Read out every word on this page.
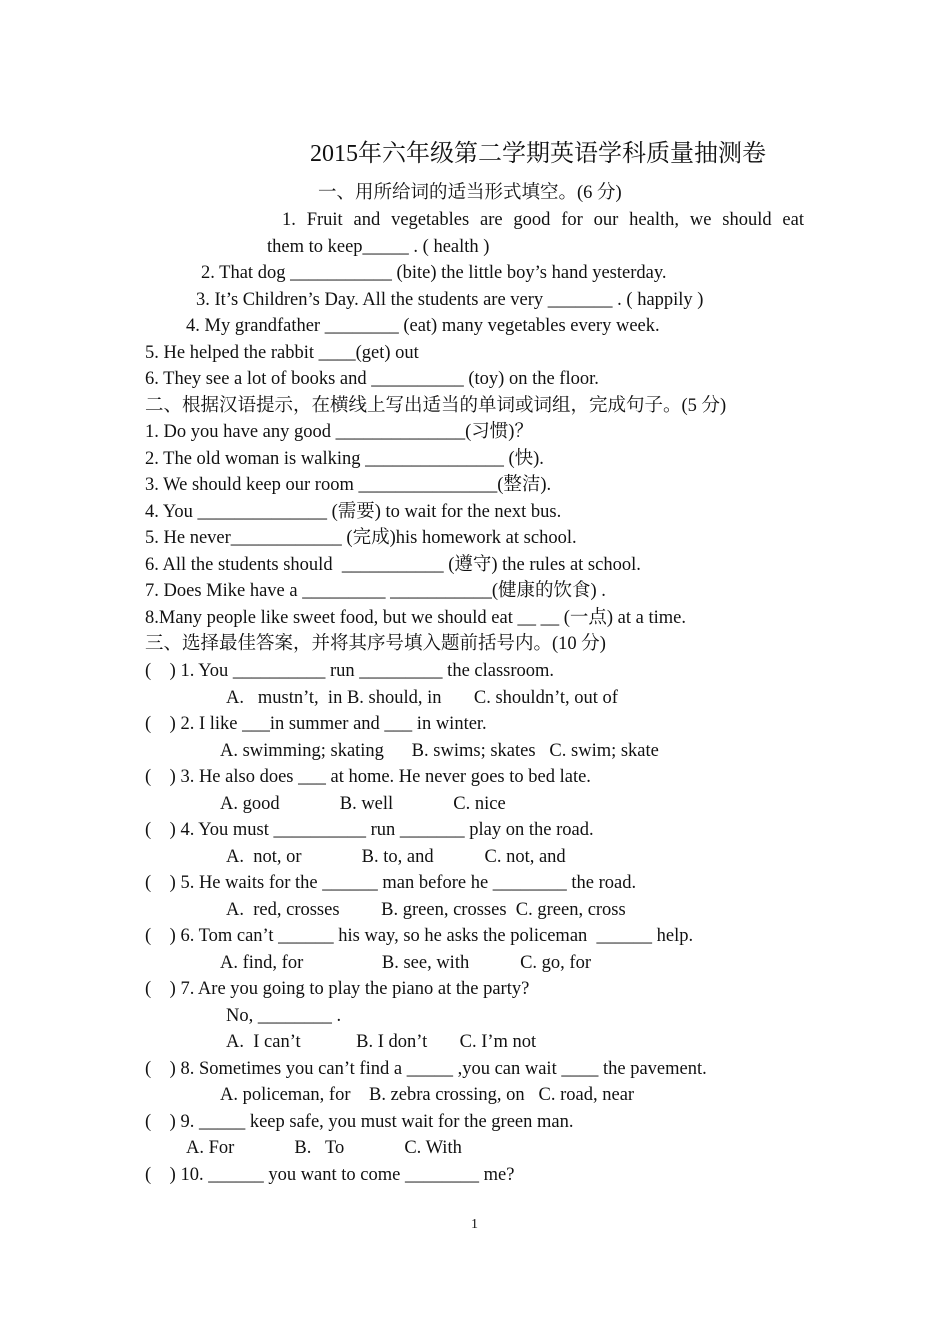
2015年六年级第二学期英语学科质量抽测卷
一、用所给词的适当形式填空。(6 分)
1. Fruit and vegetables are good for our health, we should eat
them to keep_____ . ( health )
2. That dog ___________ (bite) the little boy’s hand yesterday.
3. It’s Children’s Day. All the students are very _______ . ( happily )
4. My grandfather ________ (eat) many vegetables every week.
5. He helped the rabbit ____(get) out
6. They see a lot of books and __________ (toy) on the floor.
二、根据汉语提示，在横线上写出适当的单词或词组，完成句子。(5 分)
1. Do you have any good ______________(习惯)？
2. The old woman is walking _______________ (快).
3. We should keep our room _______________(整洁).
4. You ______________ (需要) to wait for the next bus.
5. He never____________ (完成)his homework at school.
6. All the students should  ___________ (遵守) the rules at school.
7. Does Mike have a _________ ___________(健康的饮食) .
8.Many people like sweet food, but we should eat __ __ (一点) at a time.
三、选择最佳答案，并将其序号填入题前括号内。(10 分)
(    ) 1. You __________ run _________ the classroom.
A.   mustn’t,  in B. should, in       C. shouldn’t, out of
(    ) 2. I like ___in summer and ___ in winter.
A. swimming; skating      B. swims; skates   C. swim; skate
(    ) 3. He also does ___ at home. He never goes to bed late.
A. good             B. well             C. nice
(    ) 4. You must __________ run _______ play on the road.
A.  not, or             B. to, and           C. not, and
(    ) 5. He waits for the ______ man before he ________ the road.
A.  red, crosses         B. green, crosses  C. green, cross
(    ) 6. Tom can’t ______ his way, so he asks the policeman  ______ help.
A. find, for                 B. see, with           C. go, for
(    ) 7. Are you going to play the piano at the party?
No, ________ .
A.  I can’t            B. I don’t       C. I’m not
(    ) 8. Sometimes you can’t find a _____ ,you can wait ____ the pavement.
A. policeman, for    B. zebra crossing, on   C. road, near
(    ) 9. _____ keep safe, you must wait for the green man.
A. For             B.   To             C. With
(    ) 10. ______ you want to come ________ me?
1
